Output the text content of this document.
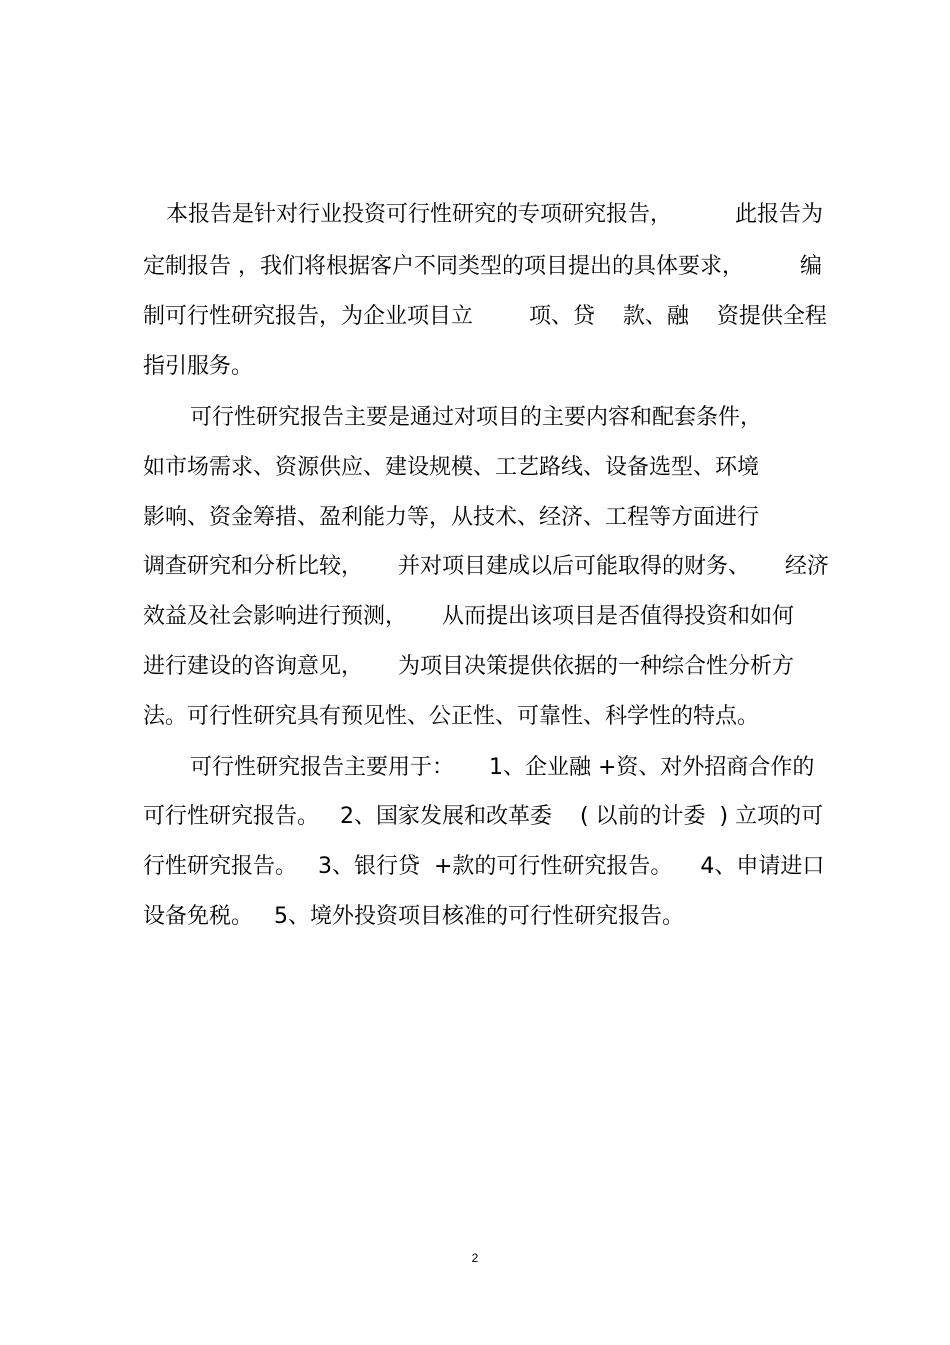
本报告是针对行业投资可行性研究的专项研究报告，         此报告为
定制报告 ，我们将根据客户不同类型的项目提出的具体要求，        编
制可行性研究报告，为企业项目立        项、贷    款、融    资提供全程
指引服务。
可行性研究报告主要是通过对项目的主要内容和配套条件，
如市场需求、资源供应、建设规模、工艺路线、设备选型、环境
影响、资金筹措、盈利能力等，从技术、经济、工程等方面进行
调查研究和分析比较，     并对项目建成以后可能取得的财务、     经济
效益及社会影响进行预测，     从而提出该项目是否值得投资和如何
进行建设的咨询意见，     为项目决策提供依据的一种综合性分析方
法。可行性研究具有预见性、公正性、可靠性、科学性的特点。
可行性研究报告主要用于：     1、企业融 +资、对外招商合作的
可行性研究报告。   2、国家发展和改革委    ( 以前的计委  ) 立项的可
行性研究报告。   3、银行贷  +款的可行性研究报告。    4、申请进口
设备免税。   5、境外投资项目核准的可行性研究报告。
2
